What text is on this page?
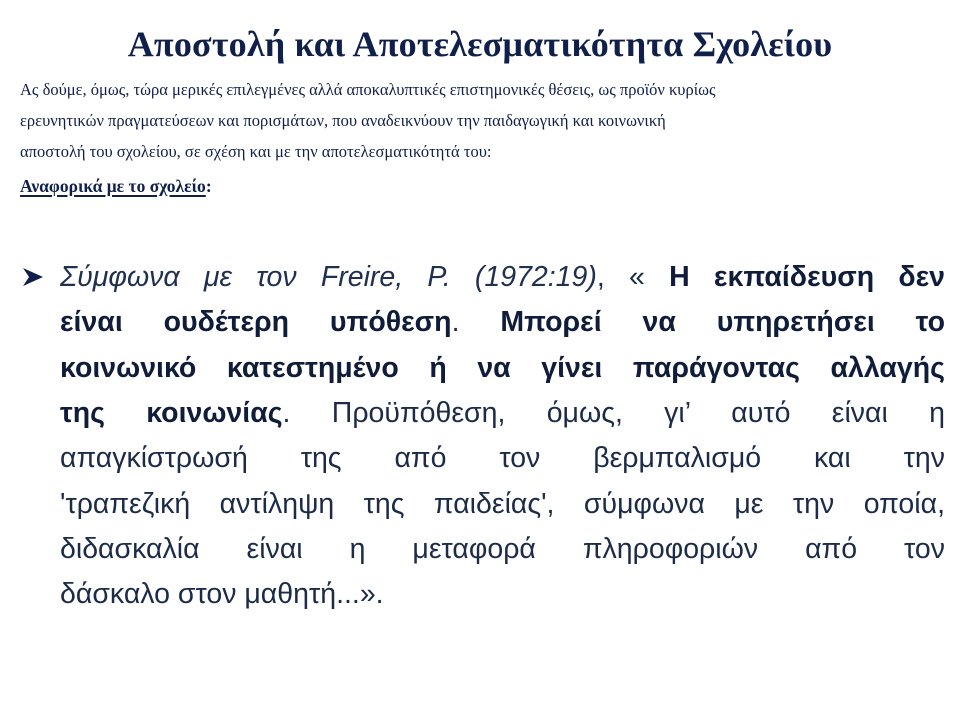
Αποστολή και Αποτελεσματικότητα Σχολείου
Ας δούμε, όμως, τώρα μερικές επιλεγμένες αλλά αποκαλυπτικές επιστημονικές θέσεις, ως προϊόν κυρίως
ερευνητικών πραγματεύσεων και πορισμάτων, που αναδεικνύουν την παιδαγωγική και κοινωνική
αποστολή του σχολείου, σε σχέση και με την αποτελεσματικότητά του:
Αναφορικά με το σχολείο:
Σύμφωνα με τον Freire, P. (1972:19), « Η εκπαίδευση δεν
είναι ουδέτερη υπόθεση. Μπορεί να υπηρετήσει το
κοινωνικό κατεστημένο ή να γίνει παράγοντας αλλαγής
της κοινωνίας. Προϋπόθεση, όμως, γι’ αυτό είναι η
απαγκίστρωσή της από τον βερμπαλισμό και την
'τραπεζική αντίληψη της παιδείας', σύμφωνα με την οποία,
διδασκαλία είναι η μεταφορά πληροφοριών από τον
δάσκαλο στον μαθητή...».
